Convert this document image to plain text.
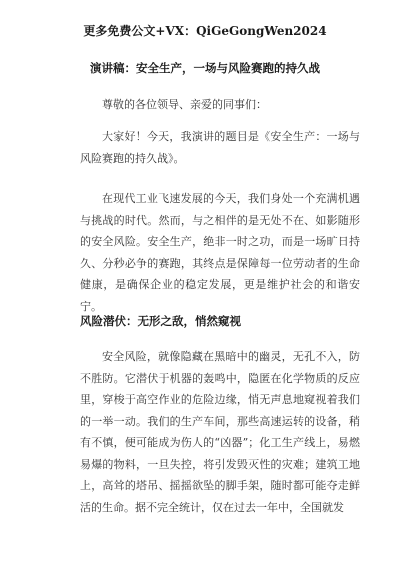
更多免费公文+VX：QiGeGongWen2024
演讲稿：安全生产，一场与风险赛跑的持久战
尊敬的各位领导、亲爱的同事们：
大家好！今天，我演讲的题目是《安全生产：一场与风险赛跑的持久战》。
在现代工业飞速发展的今天，我们身处一个充满机遇与挑战的时代。然而，与之相伴的是无处不在、如影随形的安全风险。安全生产，绝非一时之功，而是一场旷日持久、分秒必争的赛跑，其终点是保障每一位劳动者的生命健康，是确保企业的稳定发展，更是维护社会的和谐安宁。
风险潜伏：无形之敌，悄然窥视
安全风险，就像隐藏在黑暗中的幽灵，无孔不入，防不胜防。它潜伏于机器的轰鸣中，隐匿在化学物质的反应里，穿梭于高空作业的危险边缘，悄无声息地窥视着我们的一举一动。我们的生产车间，那些高速运转的设备，稍有不慎，便可能成为伤人的“凶器”；化工生产线上，易燃易爆的物料，一旦失控，将引发毁灭性的灾难；建筑工地上，高耸的塔吊、摇摇欲坠的脚手架，随时都可能夺走鲜活的生命。据不完全统计，仅在过去一年中，全国就发
